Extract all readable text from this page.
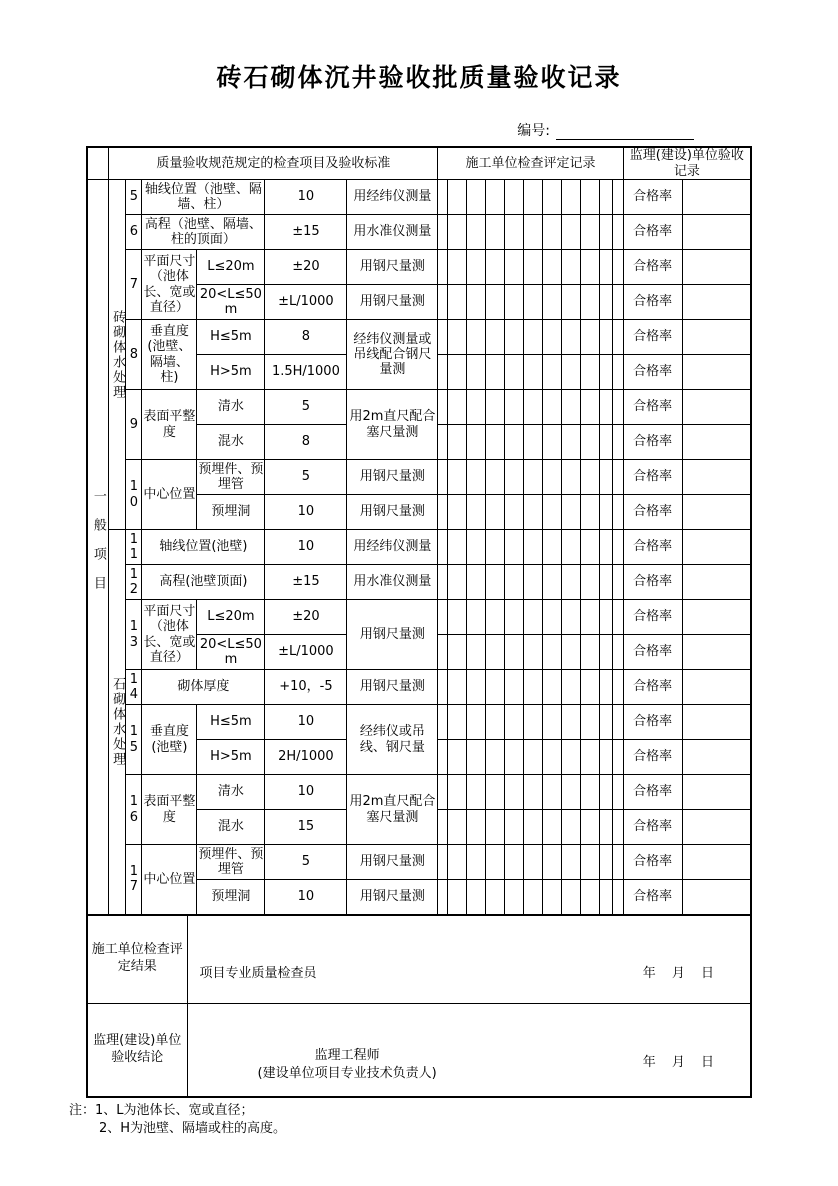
砖石砌体沉井验收批质量验收记录
编号:
	质量验收规范规定的检查项目及验收标准						施工单位检查评定记录											监理(建设)单位验收记录	
一般项目	砖砌体水处理	5	轴线位置（池壁、隔墙、柱）		10	用经纬仪测量												合格率	
		6	高程（池壁、隔墙、柱的顶面）		±15	用水准仪测量												合格率	
		7	平面尺寸（池体长、宽或直径）	L≤20m	±20	用钢尺量测												合格率	
				20<L≤50m	±L/1000	用钢尺量测												合格率	
		8	垂直度(池壁、隔墙、柱)	H≤5m	8	经纬仪测量或吊线配合钢尺量测												合格率	
				H>5m	1.5H/1000													合格率	
		9	表面平整度	清水	5	用2m直尺配合塞尺量测												合格率	
				混水	8													合格率	
		10	中心位置	预埋件、预埋管	5	用钢尺量测												合格率	
				预埋洞	10	用钢尺量测												合格率	
	石砌体水处理	11	轴线位置(池壁)		10	用经纬仪测量												合格率	
		12	高程(池壁顶面)		±15	用水准仪测量												合格率	
		13	平面尺寸（池体长、宽或直径）	L≤20m	±20	用钢尺量测												合格率	
				20<L≤50m	±L/1000													合格率	
		14	砌体厚度		+10，-5	用钢尺量测												合格率	
		15	垂直度(池壁)	H≤5m	10	经纬仪或吊线、钢尺量												合格率	
				H>5m	2H/1000													合格率	
		16	表面平整度	清水	10	用2m直尺配合塞尺量测												合格率	
				混水	15													合格率	
		17	中心位置	预埋件、预埋管	5	用钢尺量测												合格率	
				预埋洞	10	用钢尺量测												合格率	
施工单位检查评定结果	项目专业质量检查员 年 月 日

监理(建设)单位验收结论	监理工程师
(建设单位项目专业技术负责人)
年 月 日
注：1、L为池体长、宽或直径；
2、H为池壁、隔墙或柱的高度。
